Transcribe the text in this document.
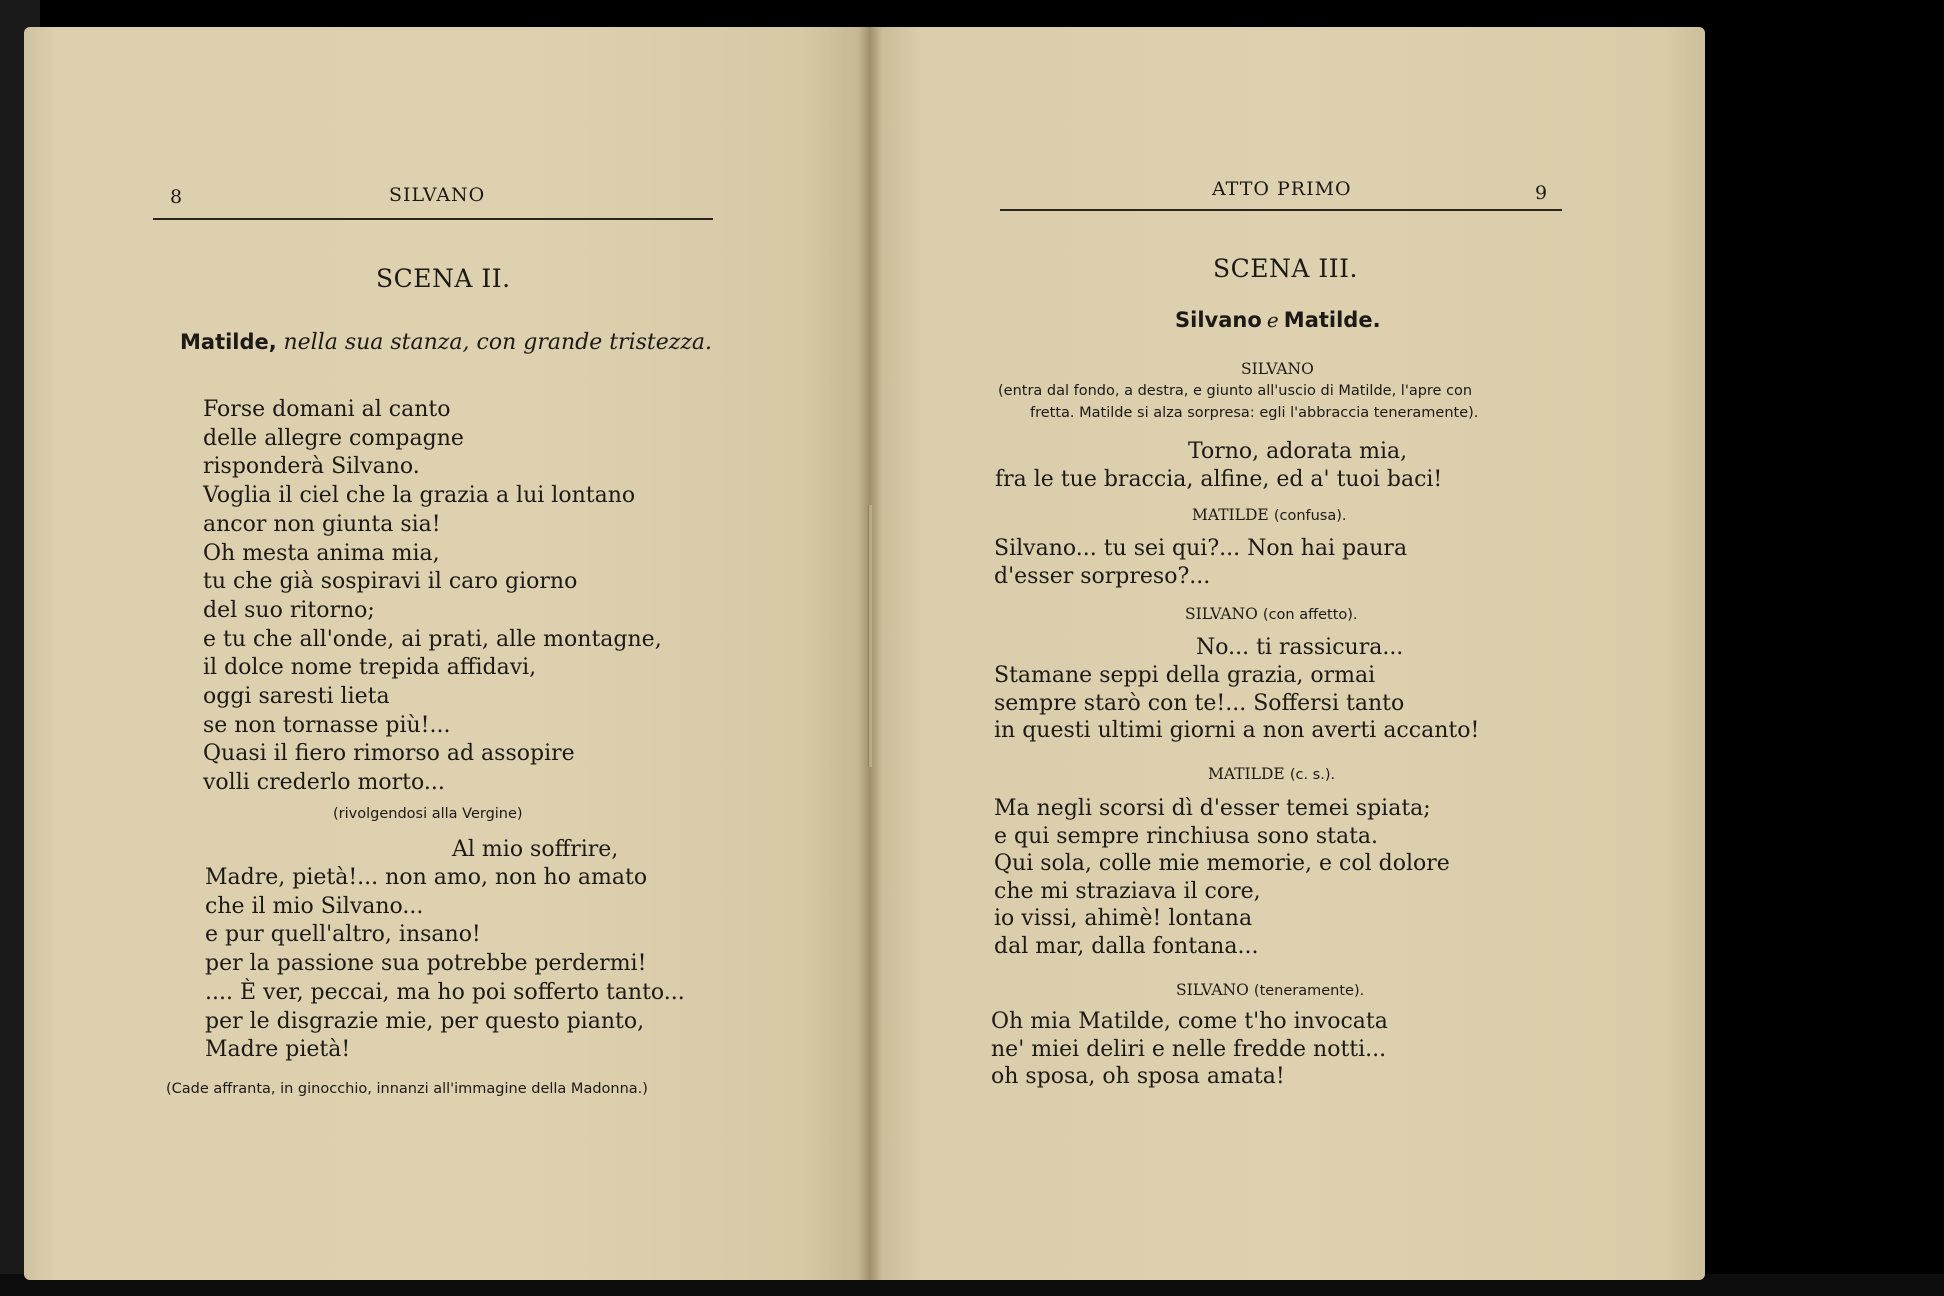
8	SILVANO
SCENA II.
Matilde, nella sua stanza, con grande tristezza.
Forse domani al canto
delle allegre compagne
risponderà Silvano.
Voglia il ciel che la grazia a lui lontano
ancor non giunta sia!
Oh mesta anima mia,
tu che già sospiravi il caro giorno
del suo ritorno;
e tu che all'onde, ai prati, alle montagne,
il dolce nome trepida affidavi,
oggi saresti lieta
se non tornasse più!...
Quasi il fiero rimorso ad assopire
volli crederlo morto...
(rivolgendosi alla Vergine)
Al mio soffrire,
Madre, pietà!... non amo, non ho amato
che il mio Silvano...
e pur quell'altro, insano!
per la passione sua potrebbe perdermi!
.... È ver, peccai, ma ho poi sofferto tanto...
per le disgrazie mie, per questo pianto,
Madre pietà!
(Cade affranta, in ginocchio, innanzi all'immagine della Madonna.)
ATTO PRIMO	9
SCENA III.
Silvano e Matilde.
SILVANO
(entra dal fondo, a destra, e giunto all'uscio di Matilde, l'apre con
fretta. Matilde si alza sorpresa: egli l'abbraccia teneramente).
Torno, adorata mia,
fra le tue braccia, alfine, ed a' tuoi baci!
MATILDE (confusa).
Silvano... tu sei qui?... Non hai paura
d'esser sorpreso?...
SILVANO (con affetto).
No... ti rassicura...
Stamane seppi della grazia, ormai
sempre starò con te!... Soffersi tanto
in questi ultimi giorni a non averti accanto!
MATILDE (c. s.).
Ma negli scorsi dì d'esser temei spiata;
e qui sempre rinchiusa sono stata.
Qui sola, colle mie memorie, e col dolore
che mi straziava il core,
io vissi, ahimè! lontana
dal mar, dalla fontana...
SILVANO (teneramente).
Oh mia Matilde, come t'ho invocata
ne' miei deliri e nelle fredde notti...
oh sposa, oh sposa amata!
